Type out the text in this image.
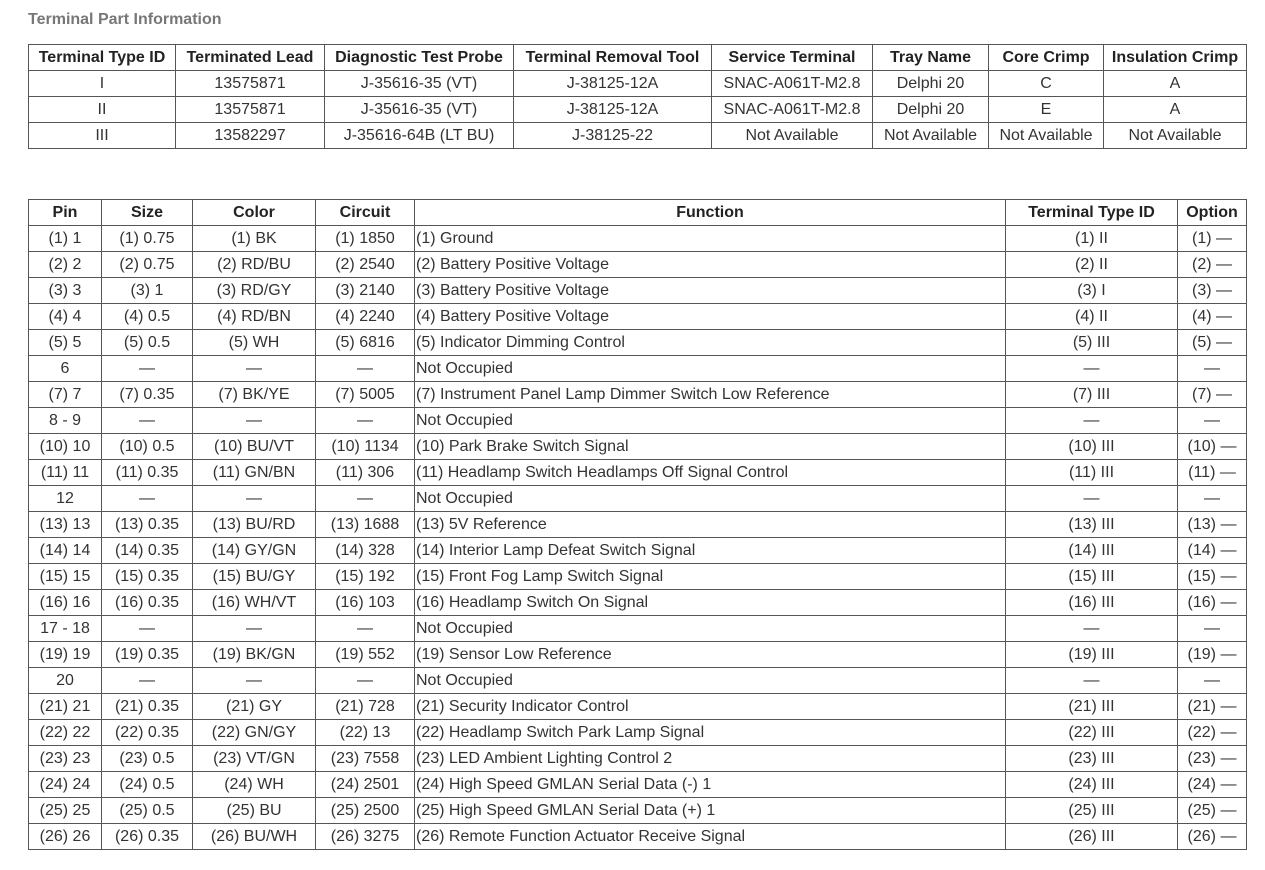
Terminal Part Information
Terminal Type ID	Terminated Lead	Diagnostic Test Probe	Terminal Removal Tool	Service Terminal	Tray Name	Core Crimp	Insulation Crimp
I	13575871	J-35616-35 (VT)	J-38125-12A	SNAC-A061T-M2.8	Delphi 20	C	A
II	13575871	J-35616-35 (VT)	J-38125-12A	SNAC-A061T-M2.8	Delphi 20	E	A
III	13582297	J-35616-64B (LT BU)	J-38125-22	Not Available	Not Available	Not Available	Not Available
Pin	Size	Color	Circuit	Function	Terminal Type ID	Option
(1) 1	(1) 0.75	(1) BK	(1) 1850	(1) Ground	(1) II	(1) —
(2) 2	(2) 0.75	(2) RD/BU	(2) 2540	(2) Battery Positive Voltage	(2) II	(2) —
(3) 3	(3) 1	(3) RD/GY	(3) 2140	(3) Battery Positive Voltage	(3) I	(3) —
(4) 4	(4) 0.5	(4) RD/BN	(4) 2240	(4) Battery Positive Voltage	(4) II	(4) —
(5) 5	(5) 0.5	(5) WH	(5) 6816	(5) Indicator Dimming Control	(5) III	(5) —
6	—	—	—	Not Occupied	—	—
(7) 7	(7) 0.35	(7) BK/YE	(7) 5005	(7) Instrument Panel Lamp Dimmer Switch Low Reference	(7) III	(7) —
8 - 9	—	—	—	Not Occupied	—	—
(10) 10	(10) 0.5	(10) BU/VT	(10) 1134	(10) Park Brake Switch Signal	(10) III	(10) —
(11) 11	(11) 0.35	(11) GN/BN	(11) 306	(11) Headlamp Switch Headlamps Off Signal Control	(11) III	(11) —
12	—	—	—	Not Occupied	—	—
(13) 13	(13) 0.35	(13) BU/RD	(13) 1688	(13) 5V Reference	(13) III	(13) —
(14) 14	(14) 0.35	(14) GY/GN	(14) 328	(14) Interior Lamp Defeat Switch Signal	(14) III	(14) —
(15) 15	(15) 0.35	(15) BU/GY	(15) 192	(15) Front Fog Lamp Switch Signal	(15) III	(15) —
(16) 16	(16) 0.35	(16) WH/VT	(16) 103	(16) Headlamp Switch On Signal	(16) III	(16) —
17 - 18	—	—	—	Not Occupied	—	—
(19) 19	(19) 0.35	(19) BK/GN	(19) 552	(19) Sensor Low Reference	(19) III	(19) —
20	—	—	—	Not Occupied	—	—
(21) 21	(21) 0.35	(21) GY	(21) 728	(21) Security Indicator Control	(21) III	(21) —
(22) 22	(22) 0.35	(22) GN/GY	(22) 13	(22) Headlamp Switch Park Lamp Signal	(22) III	(22) —
(23) 23	(23) 0.5	(23) VT/GN	(23) 7558	(23) LED Ambient Lighting Control 2	(23) III	(23) —
(24) 24	(24) 0.5	(24) WH	(24) 2501	(24) High Speed GMLAN Serial Data (-) 1	(24) III	(24) —
(25) 25	(25) 0.5	(25) BU	(25) 2500	(25) High Speed GMLAN Serial Data (+) 1	(25) III	(25) —
(26) 26	(26) 0.35	(26) BU/WH	(26) 3275	(26) Remote Function Actuator Receive Signal	(26) III	(26) —
